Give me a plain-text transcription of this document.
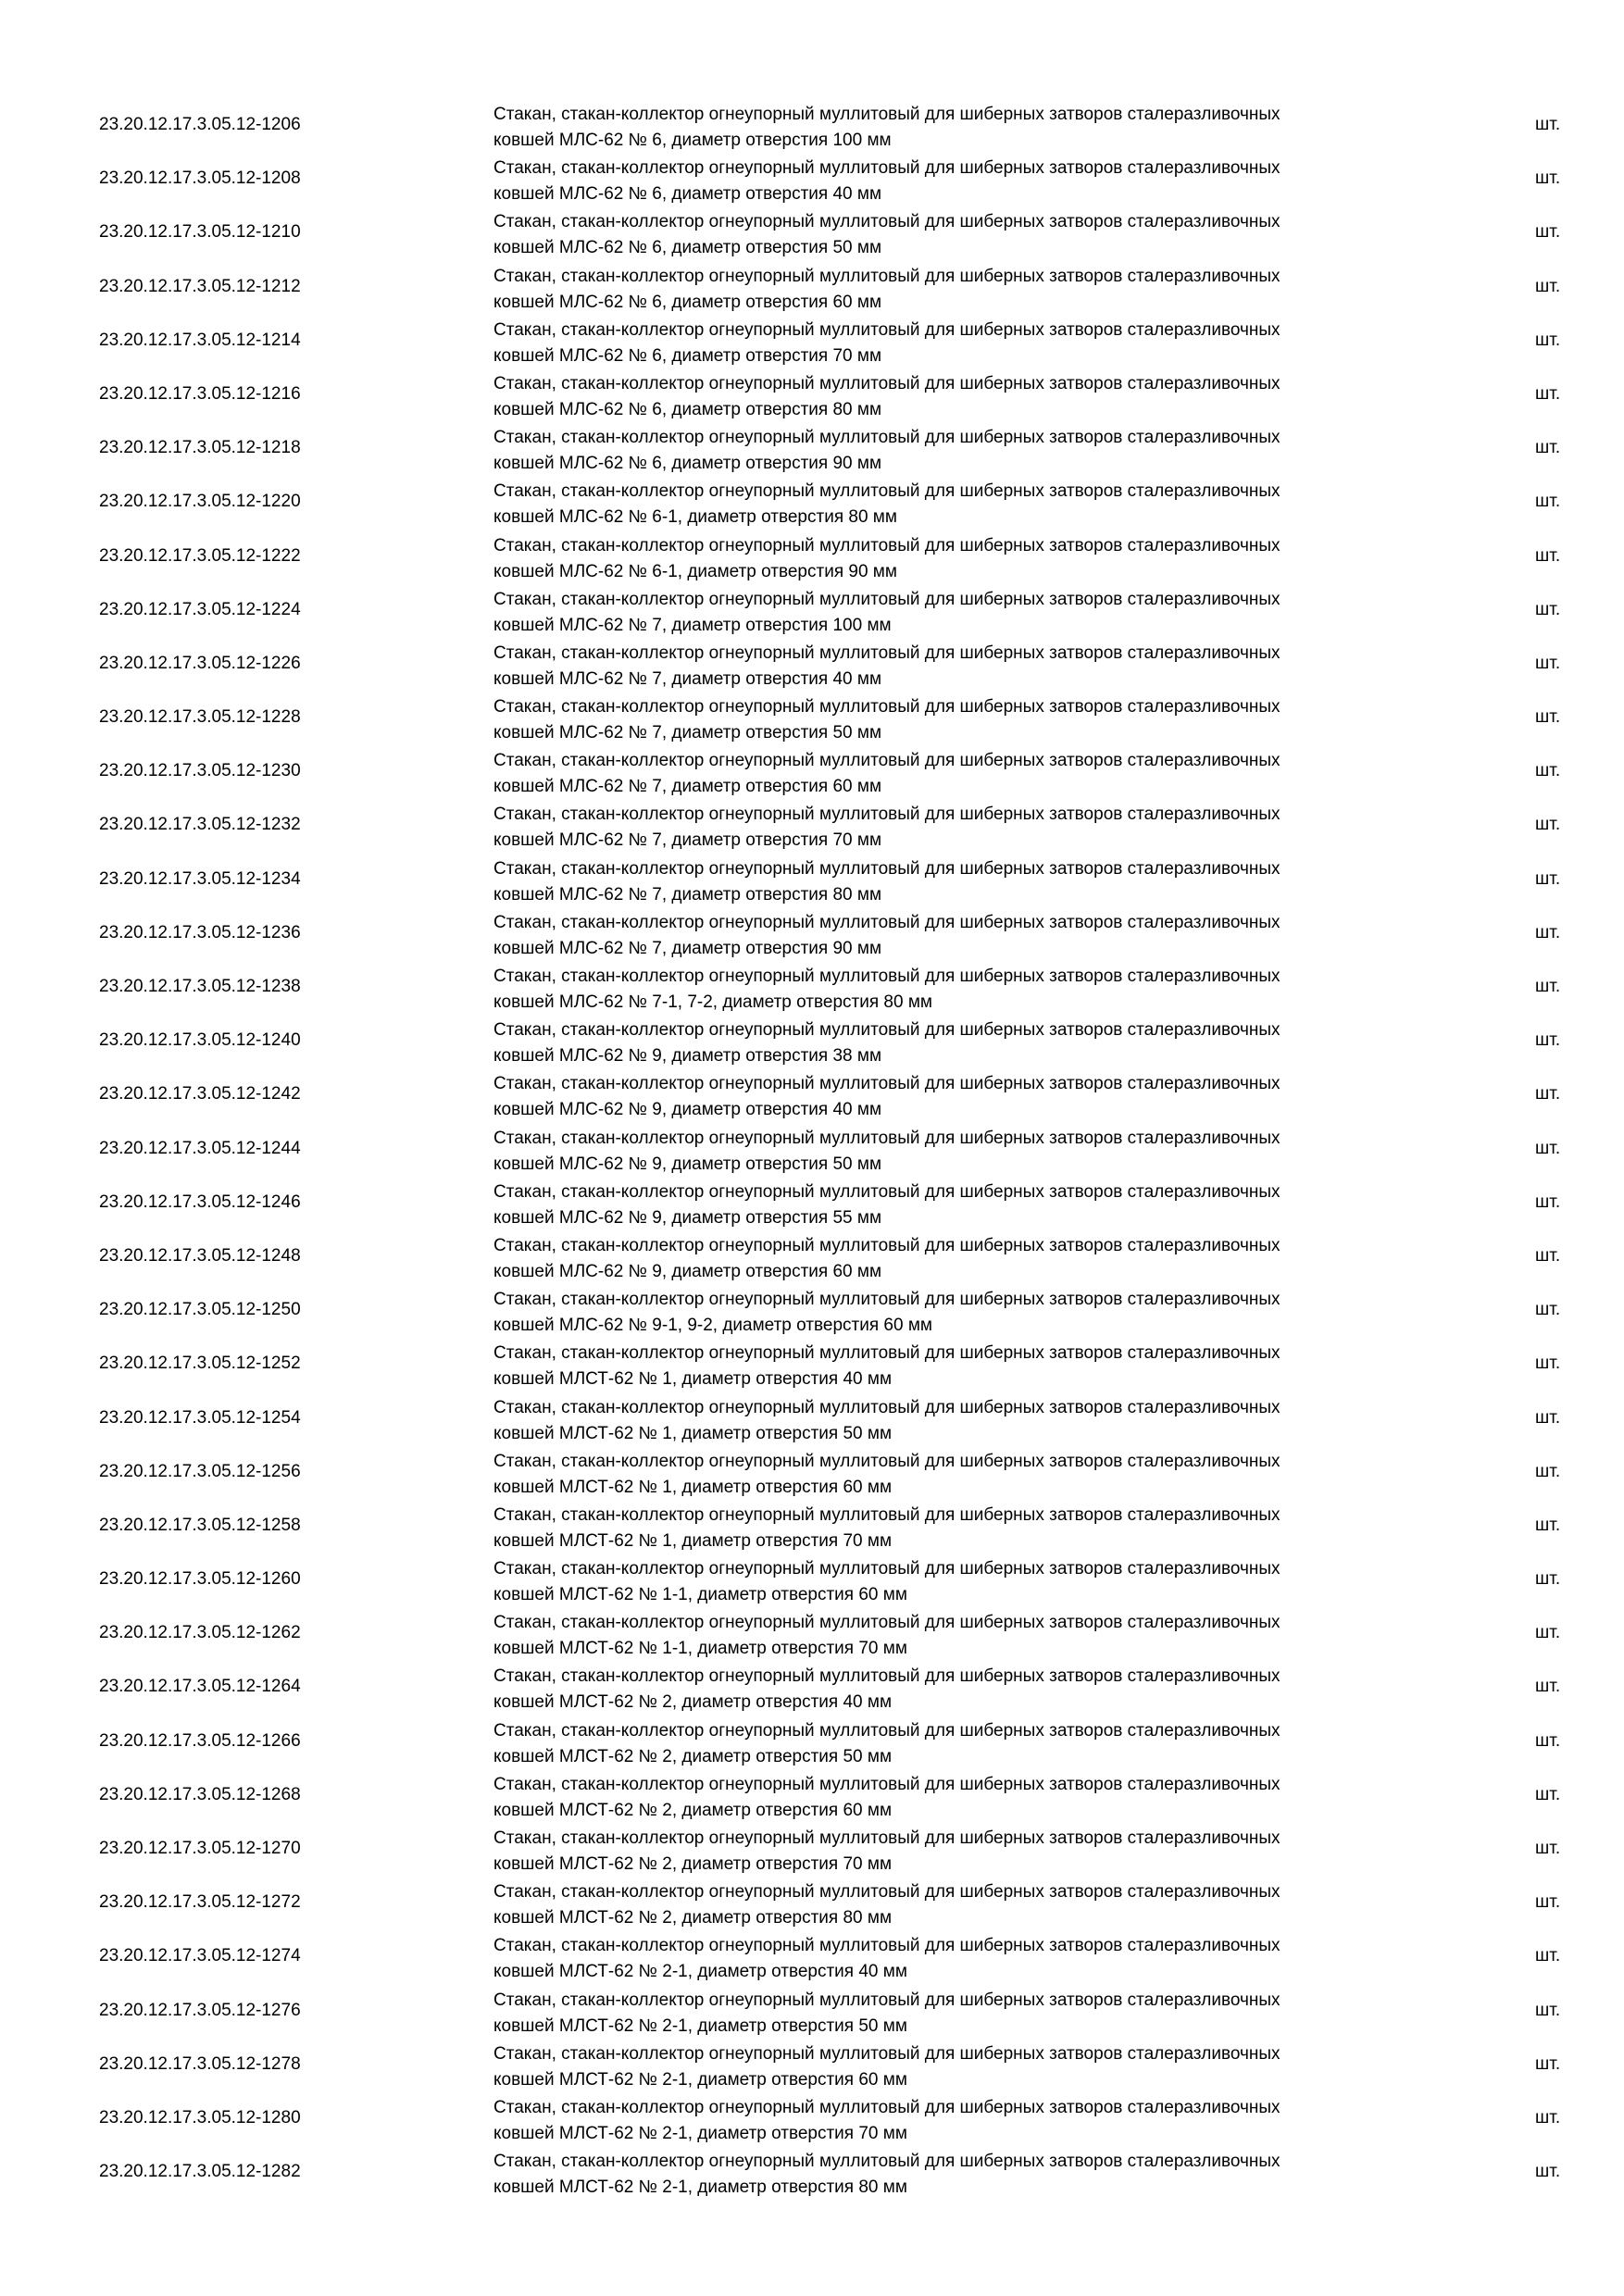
23.20.12.17.3.05.12-1206
Стакан, стакан-коллектор огнеупорный муллитовый для шиберных затворов сталеразливочных
ковшей МЛС-62 № 6, диаметр отверстия 100 мм
шт.
23.20.12.17.3.05.12-1208
Стакан, стакан-коллектор огнеупорный муллитовый для шиберных затворов сталеразливочных
ковшей МЛС-62 № 6, диаметр отверстия 40 мм
шт.
23.20.12.17.3.05.12-1210
Стакан, стакан-коллектор огнеупорный муллитовый для шиберных затворов сталеразливочных
ковшей МЛС-62 № 6, диаметр отверстия 50 мм
шт.
23.20.12.17.3.05.12-1212
Стакан, стакан-коллектор огнеупорный муллитовый для шиберных затворов сталеразливочных
ковшей МЛС-62 № 6, диаметр отверстия 60 мм
шт.
23.20.12.17.3.05.12-1214
Стакан, стакан-коллектор огнеупорный муллитовый для шиберных затворов сталеразливочных
ковшей МЛС-62 № 6, диаметр отверстия 70 мм
шт.
23.20.12.17.3.05.12-1216
Стакан, стакан-коллектор огнеупорный муллитовый для шиберных затворов сталеразливочных
ковшей МЛС-62 № 6, диаметр отверстия 80 мм
шт.
23.20.12.17.3.05.12-1218
Стакан, стакан-коллектор огнеупорный муллитовый для шиберных затворов сталеразливочных
ковшей МЛС-62 № 6, диаметр отверстия 90 мм
шт.
23.20.12.17.3.05.12-1220
Стакан, стакан-коллектор огнеупорный муллитовый для шиберных затворов сталеразливочных
ковшей МЛС-62 № 6-1, диаметр отверстия 80 мм
шт.
23.20.12.17.3.05.12-1222
Стакан, стакан-коллектор огнеупорный муллитовый для шиберных затворов сталеразливочных
ковшей МЛС-62 № 6-1, диаметр отверстия 90 мм
шт.
23.20.12.17.3.05.12-1224
Стакан, стакан-коллектор огнеупорный муллитовый для шиберных затворов сталеразливочных
ковшей МЛС-62 № 7, диаметр отверстия 100 мм
шт.
23.20.12.17.3.05.12-1226
Стакан, стакан-коллектор огнеупорный муллитовый для шиберных затворов сталеразливочных
ковшей МЛС-62 № 7, диаметр отверстия 40 мм
шт.
23.20.12.17.3.05.12-1228
Стакан, стакан-коллектор огнеупорный муллитовый для шиберных затворов сталеразливочных
ковшей МЛС-62 № 7, диаметр отверстия 50 мм
шт.
23.20.12.17.3.05.12-1230
Стакан, стакан-коллектор огнеупорный муллитовый для шиберных затворов сталеразливочных
ковшей МЛС-62 № 7, диаметр отверстия 60 мм
шт.
23.20.12.17.3.05.12-1232
Стакан, стакан-коллектор огнеупорный муллитовый для шиберных затворов сталеразливочных
ковшей МЛС-62 № 7, диаметр отверстия 70 мм
шт.
23.20.12.17.3.05.12-1234
Стакан, стакан-коллектор огнеупорный муллитовый для шиберных затворов сталеразливочных
ковшей МЛС-62 № 7, диаметр отверстия 80 мм
шт.
23.20.12.17.3.05.12-1236
Стакан, стакан-коллектор огнеупорный муллитовый для шиберных затворов сталеразливочных
ковшей МЛС-62 № 7, диаметр отверстия 90 мм
шт.
23.20.12.17.3.05.12-1238
Стакан, стакан-коллектор огнеупорный муллитовый для шиберных затворов сталеразливочных
ковшей МЛС-62 № 7-1, 7-2, диаметр отверстия 80 мм
шт.
23.20.12.17.3.05.12-1240
Стакан, стакан-коллектор огнеупорный муллитовый для шиберных затворов сталеразливочных
ковшей МЛС-62 № 9, диаметр отверстия 38 мм
шт.
23.20.12.17.3.05.12-1242
Стакан, стакан-коллектор огнеупорный муллитовый для шиберных затворов сталеразливочных
ковшей МЛС-62 № 9, диаметр отверстия 40 мм
шт.
23.20.12.17.3.05.12-1244
Стакан, стакан-коллектор огнеупорный муллитовый для шиберных затворов сталеразливочных
ковшей МЛС-62 № 9, диаметр отверстия 50 мм
шт.
23.20.12.17.3.05.12-1246
Стакан, стакан-коллектор огнеупорный муллитовый для шиберных затворов сталеразливочных
ковшей МЛС-62 № 9, диаметр отверстия 55 мм
шт.
23.20.12.17.3.05.12-1248
Стакан, стакан-коллектор огнеупорный муллитовый для шиберных затворов сталеразливочных
ковшей МЛС-62 № 9, диаметр отверстия 60 мм
шт.
23.20.12.17.3.05.12-1250
Стакан, стакан-коллектор огнеупорный муллитовый для шиберных затворов сталеразливочных
ковшей МЛС-62 № 9-1, 9-2, диаметр отверстия 60 мм
шт.
23.20.12.17.3.05.12-1252
Стакан, стакан-коллектор огнеупорный муллитовый для шиберных затворов сталеразливочных
ковшей МЛСТ-62 № 1, диаметр отверстия 40 мм
шт.
23.20.12.17.3.05.12-1254
Стакан, стакан-коллектор огнеупорный муллитовый для шиберных затворов сталеразливочных
ковшей МЛСТ-62 № 1, диаметр отверстия 50 мм
шт.
23.20.12.17.3.05.12-1256
Стакан, стакан-коллектор огнеупорный муллитовый для шиберных затворов сталеразливочных
ковшей МЛСТ-62 № 1, диаметр отверстия 60 мм
шт.
23.20.12.17.3.05.12-1258
Стакан, стакан-коллектор огнеупорный муллитовый для шиберных затворов сталеразливочных
ковшей МЛСТ-62 № 1, диаметр отверстия 70 мм
шт.
23.20.12.17.3.05.12-1260
Стакан, стакан-коллектор огнеупорный муллитовый для шиберных затворов сталеразливочных
ковшей МЛСТ-62 № 1-1, диаметр отверстия 60 мм
шт.
23.20.12.17.3.05.12-1262
Стакан, стакан-коллектор огнеупорный муллитовый для шиберных затворов сталеразливочных
ковшей МЛСТ-62 № 1-1, диаметр отверстия 70 мм
шт.
23.20.12.17.3.05.12-1264
Стакан, стакан-коллектор огнеупорный муллитовый для шиберных затворов сталеразливочных
ковшей МЛСТ-62 № 2, диаметр отверстия 40 мм
шт.
23.20.12.17.3.05.12-1266
Стакан, стакан-коллектор огнеупорный муллитовый для шиберных затворов сталеразливочных
ковшей МЛСТ-62 № 2, диаметр отверстия 50 мм
шт.
23.20.12.17.3.05.12-1268
Стакан, стакан-коллектор огнеупорный муллитовый для шиберных затворов сталеразливочных
ковшей МЛСТ-62 № 2, диаметр отверстия 60 мм
шт.
23.20.12.17.3.05.12-1270
Стакан, стакан-коллектор огнеупорный муллитовый для шиберных затворов сталеразливочных
ковшей МЛСТ-62 № 2, диаметр отверстия 70 мм
шт.
23.20.12.17.3.05.12-1272
Стакан, стакан-коллектор огнеупорный муллитовый для шиберных затворов сталеразливочных
ковшей МЛСТ-62 № 2, диаметр отверстия 80 мм
шт.
23.20.12.17.3.05.12-1274
Стакан, стакан-коллектор огнеупорный муллитовый для шиберных затворов сталеразливочных
ковшей МЛСТ-62 № 2-1, диаметр отверстия 40 мм
шт.
23.20.12.17.3.05.12-1276
Стакан, стакан-коллектор огнеупорный муллитовый для шиберных затворов сталеразливочных
ковшей МЛСТ-62 № 2-1, диаметр отверстия 50 мм
шт.
23.20.12.17.3.05.12-1278
Стакан, стакан-коллектор огнеупорный муллитовый для шиберных затворов сталеразливочных
ковшей МЛСТ-62 № 2-1, диаметр отверстия 60 мм
шт.
23.20.12.17.3.05.12-1280
Стакан, стакан-коллектор огнеупорный муллитовый для шиберных затворов сталеразливочных
ковшей МЛСТ-62 № 2-1, диаметр отверстия 70 мм
шт.
23.20.12.17.3.05.12-1282
Стакан, стакан-коллектор огнеупорный муллитовый для шиберных затворов сталеразливочных
ковшей МЛСТ-62 № 2-1, диаметр отверстия 80 мм
шт.
